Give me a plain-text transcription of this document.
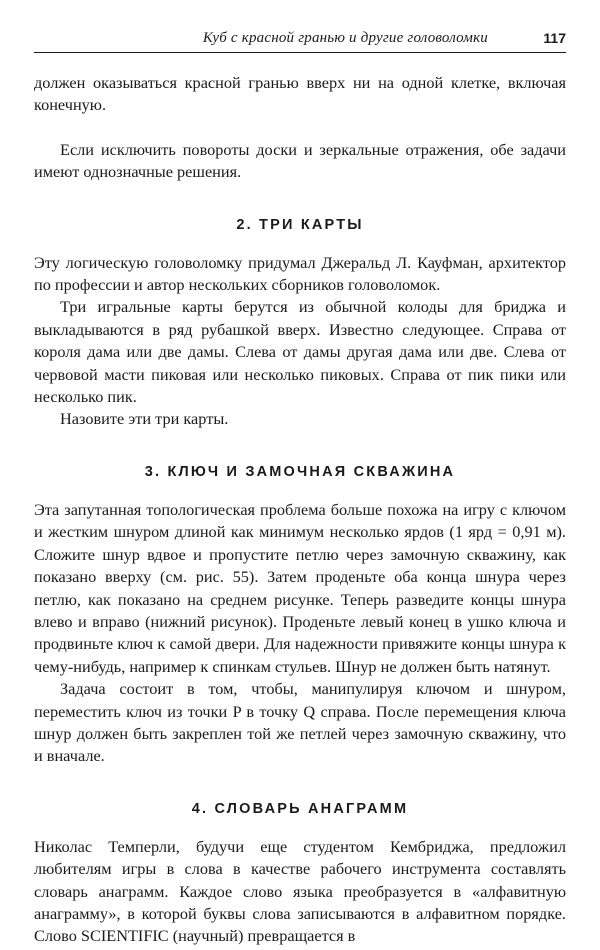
Куб с красной гранью и другие головоломки	117

должен оказываться красной гранью вверх ни на одной клетке, включая конечную.

Если исключить повороты доски и зеркальные отражения, обе задачи имеют однозначные решения.

2. ТРИ КАРТЫ

Эту логическую головоломку придумал Джеральд Л. Кауфман, архитектор по профессии и автор нескольких сборников головоломок.

Три игральные карты берутся из обычной колоды для бриджа и выкладываются в ряд рубашкой вверх. Известно следующее. Справа от короля дама или две дамы. Слева от дамы другая дама или две. Слева от червовой масти пиковая или несколько пиковых. Справа от пик пики или несколько пик.

Назовите эти три карты.

3. КЛЮЧ И ЗАМОЧНАЯ СКВАЖИНА

Эта запутанная топологическая проблема больше похожа на игру с ключом и жестким шнуром длиной как минимум несколько ярдов (1 ярд = 0,91 м). Сложите шнур вдвое и пропустите петлю через замочную скважину, как показано вверху (см. рис. 55). Затем проденьте оба конца шнура через петлю, как показано на среднем рисунке. Теперь разведите концы шнура влево и вправо (нижний рисунок). Проденьте левый конец в ушко ключа и продвиньте ключ к самой двери. Для надежности привяжите концы шнура к чему-нибудь, например к спинкам стульев. Шнур не должен быть натянут.

Задача состоит в том, чтобы, манипулируя ключом и шнуром, переместить ключ из точки P в точку Q справа. После перемещения ключа шнур должен быть закреплен той же петлей через замочную скважину, что и вначале.

4. СЛОВАРЬ АНАГРАММ

Николас Темперли, будучи еще студентом Кембриджа, предложил любителям игры в слова в качестве рабочего инструмента составлять словарь анаграмм. Каждое слово языка преобразуется в «алфавитную анаграмму», в которой буквы слова записываются в алфавитном порядке. Слово SCIENTIFIC (научный) превращается в
